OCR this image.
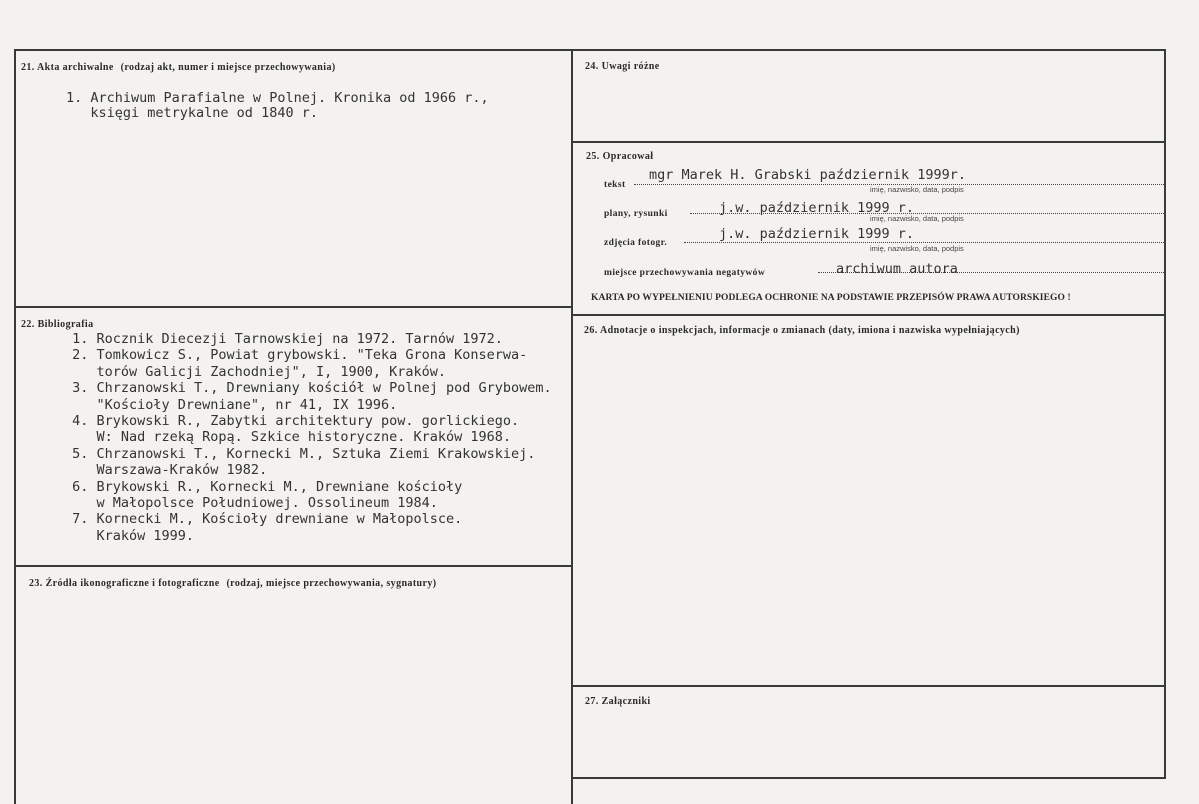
21. Akta archiwalne (rodzaj akt, numer i miejsce przechowywania)
1. Archiwum Parafialne w Polnej. Kronika od 1966 r.,
księgi metrykalne od 1840 r.
22. Bibliografia
1. Rocznik Diecezji Tarnowskiej na 1972. Tarnów 1972.
2. Tomkowicz S., Powiat grybowski. "Teka Grona Konserwa-
torów Galicji Zachodniej", I, 1900, Kraków.
3. Chrzanowski T., Drewniany kościół w Polnej pod Grybowem.
"Kościoły Drewniane", nr 41, IX 1996.
4. Brykowski R., Zabytki architektury pow. gorlickiego.
W: Nad rzeką Ropą. Szkice historyczne. Kraków 1968.
5. Chrzanowski T., Kornecki M., Sztuka Ziemi Krakowskiej.
Warszawa-Kraków 1982.
6. Brykowski R., Kornecki M., Drewniane kościoły
w Małopolsce Południowej. Ossolineum 1984.
7. Kornecki M., Kościoły drewniane w Małopolsce.
Kraków 1999.
23. Źródła ikonograficzne i fotograficzne (rodzaj, miejsce przechowywania, sygnatury)
24. Uwagi różne
25. Opracował
tekst
mgr Marek H. Grabski październik 1999r.
imię, nazwisko, data, podpis
plany, rysunki	j.w. październik 1999 r.
imię, nazwisko, data, podpis
zdjęcia fotogr.
j.w. październik 1999 r.
imię, nazwisko, data, podpis
miejsce przechowywania negatywów	archiwum autora
KARTA PO WYPEŁNIENIU PODLEGA OCHRONIE NA PODSTAWIE PRZEPISÓW PRAWA AUTORSKIEGO !
26. Adnotacje o inspekcjach, informacje o zmianach (daty, imiona i nazwiska wypełniających)
27. Załączniki
